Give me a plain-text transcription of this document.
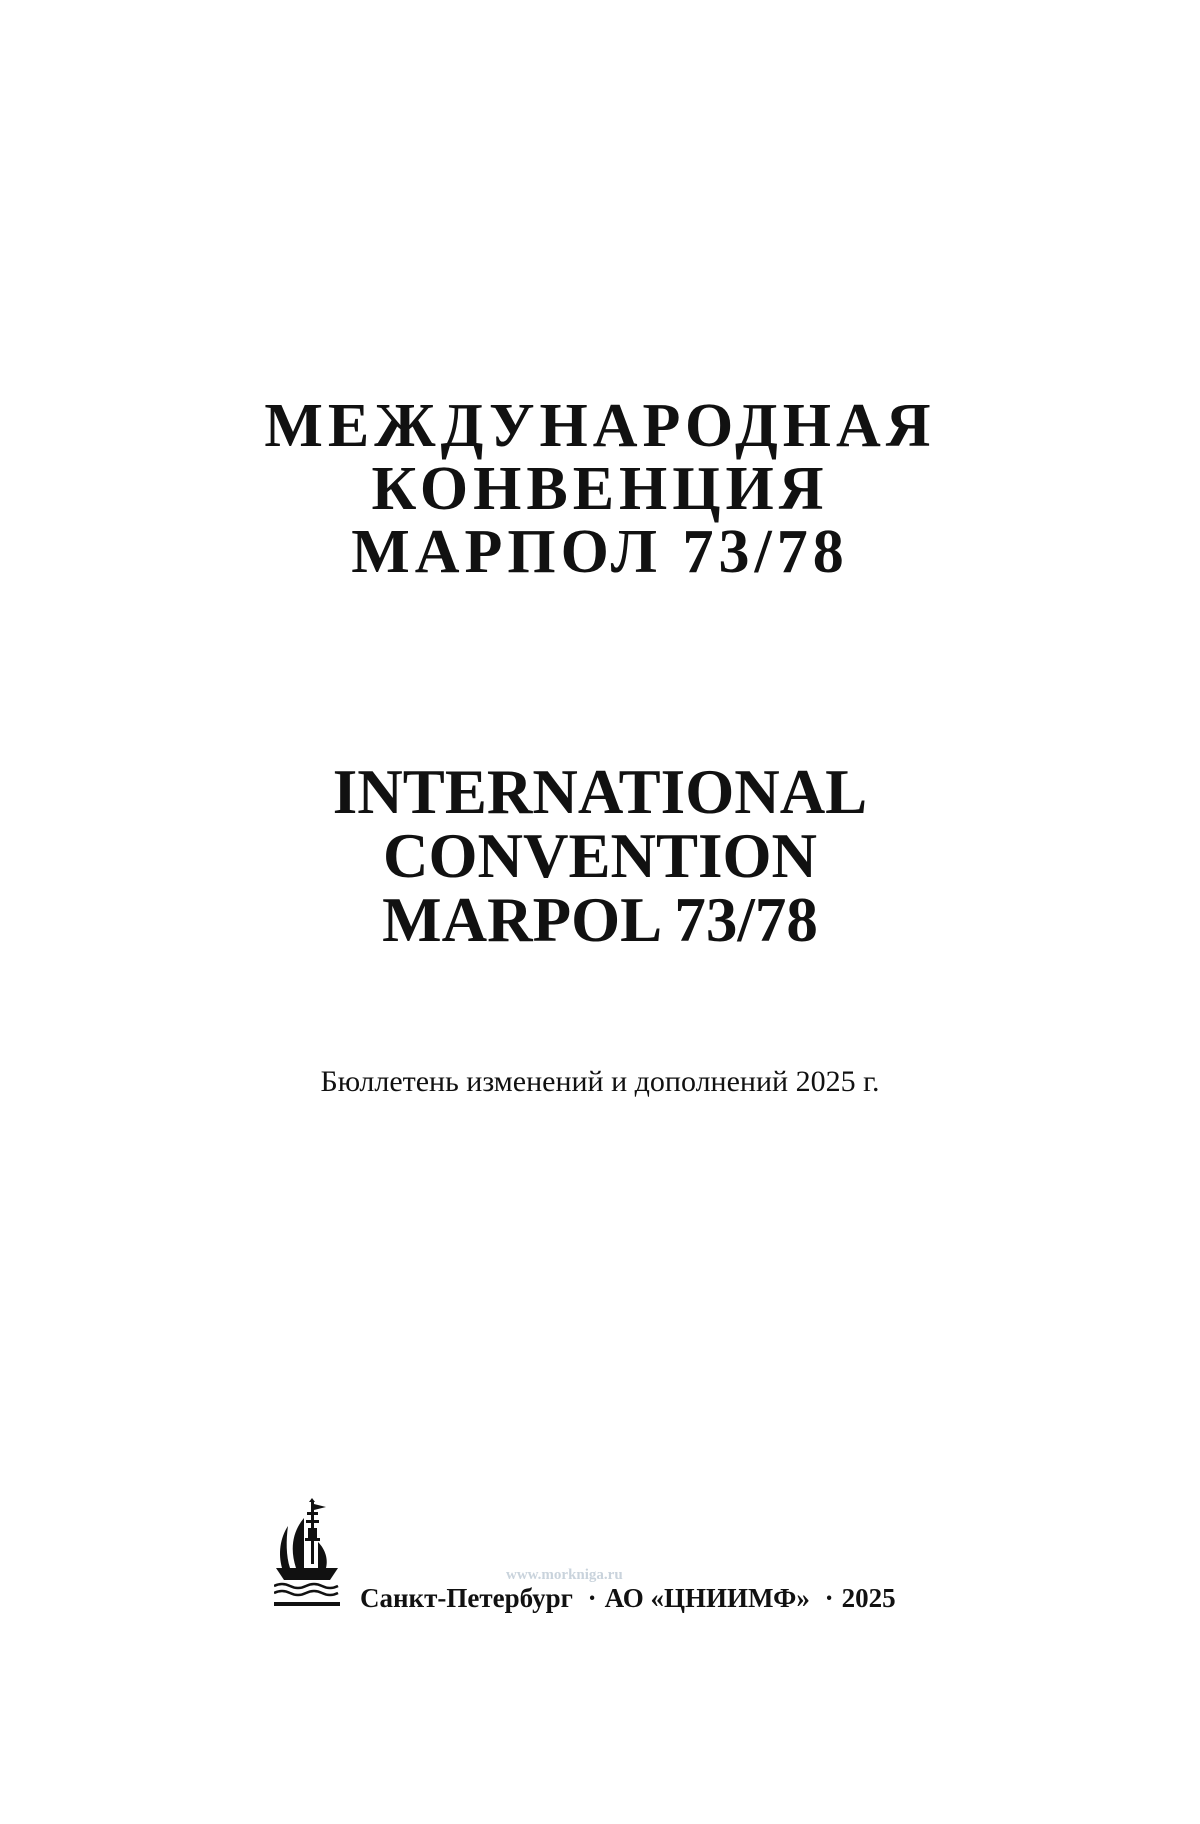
МЕЖДУНАРОДНАЯ
КОНВЕНЦИЯ
МАРПОЛ 73/78
INTERNATIONAL
CONVENTION
MARPOL 73/78
Бюллетень изменений и дополнений 2025 г.
www.morkniga.ru
Санкт-Петербург · АО «ЦНИИМФ» · 2025
